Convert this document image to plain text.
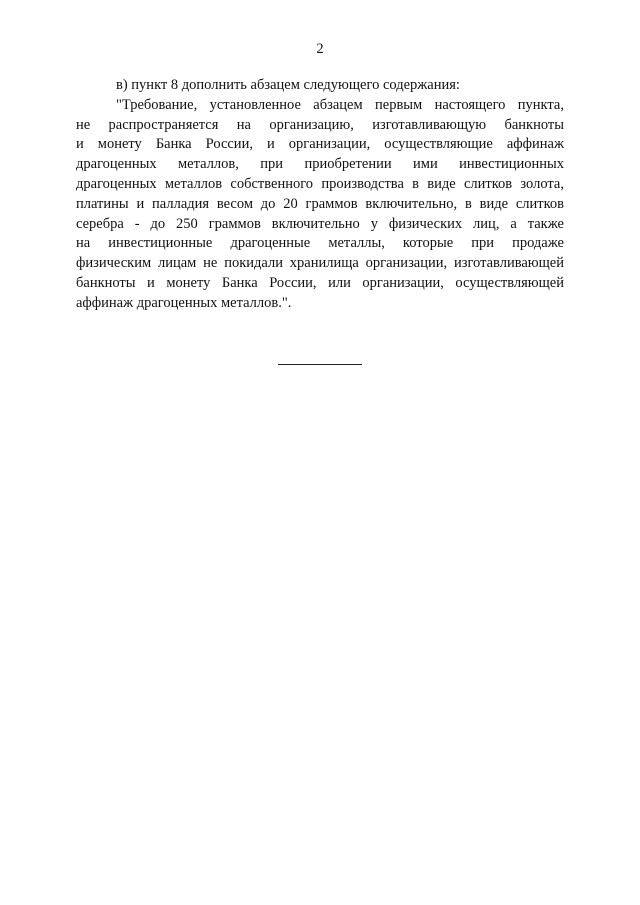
2
в) пункт 8 дополнить абзацем следующего содержания:
"Требование, установленное абзацем первым настоящего пункта,
не распространяется на организацию, изготавливающую банкноты
и монету Банка России, и организации, осуществляющие аффинаж
драгоценных металлов, при приобретении ими инвестиционных
драгоценных металлов собственного производства в виде слитков золота,
платины и палладия весом до 20 граммов включительно, в виде слитков
серебра - до 250 граммов включительно у физических лиц, а также
на инвестиционные драгоценные металлы, которые при продаже
физическим лицам не покидали хранилища организации, изготавливающей
банкноты и монету Банка России, или организации, осуществляющей
аффинаж драгоценных металлов.".
